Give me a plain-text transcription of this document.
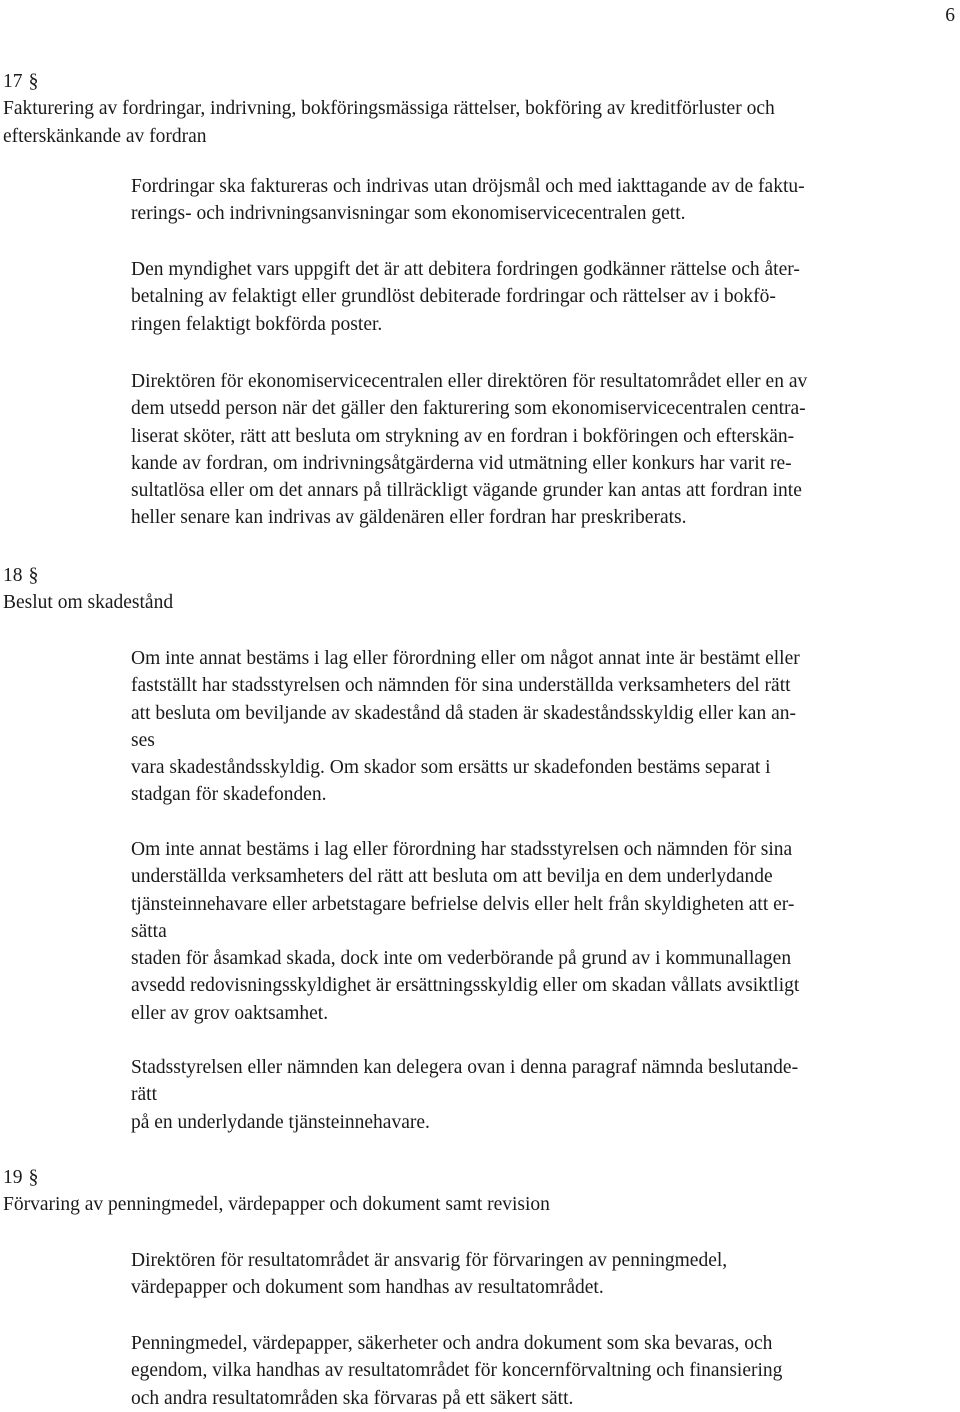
6
17 §
Fakturering av fordringar, indrivning, bokföringsmässiga rättelser, bokföring av kreditförluster och
efterskänkande av fordran
Fordringar ska faktureras och indrivas utan dröjsmål och med iakttagande av de faktu-
rerings- och indrivningsanvisningar som ekonomiservicecentralen gett.
Den myndighet vars uppgift det är att debitera fordringen godkänner rättelse och åter-
betalning av felaktigt eller grundlöst debiterade fordringar och rättelser av i bokfö-
ringen felaktigt bokförda poster.
Direktören för ekonomiservicecentralen eller direktören för resultatområdet eller en av
dem utsedd person när det gäller den fakturering som ekonomiservicecentralen centra-
liserat sköter, rätt att besluta om strykning av en fordran i bokföringen och efterskän-
kande av fordran, om indrivningsåtgärderna vid utmätning eller konkurs har varit re-
sultatlösa eller om det annars på tillräckligt vägande grunder kan antas att fordran inte
heller senare kan indrivas av gäldenären eller fordran har preskriberats.
18 §
Beslut om skadestånd
Om inte annat bestäms i lag eller förordning eller om något annat inte är bestämt eller
fastställt har stadsstyrelsen och nämnden för sina underställda verksamheters del rätt
att besluta om beviljande av skadestånd då staden är skadeståndsskyldig eller kan an-
ses
vara skadeståndsskyldig. Om skador som ersätts ur skadefonden bestäms separat i
stadgan för skadefonden.
Om inte annat bestäms i lag eller förordning har stadsstyrelsen och nämnden för sina
underställda verksamheters del rätt att besluta om att bevilja en dem underlydande
tjänsteinnehavare eller arbetstagare befrielse delvis eller helt från skyldigheten att er-
sätta
staden för åsamkad skada, dock inte om vederbörande på grund av i kommunallagen
avsedd redovisningsskyldighet är ersättningsskyldig eller om skadan vållats avsiktligt
eller av grov oaktsamhet.
Stadsstyrelsen eller nämnden kan delegera ovan i denna paragraf nämnda beslutande-
rätt
på en underlydande tjänsteinnehavare.
19 §
Förvaring av penningmedel, värdepapper och dokument samt revision
Direktören för resultatområdet är ansvarig för förvaringen av penningmedel,
värdepapper och dokument som handhas av resultatområdet.
Penningmedel, värdepapper, säkerheter och andra dokument som ska bevaras, och
egendom, vilka handhas av resultatområdet för koncernförvaltning och finansiering
och andra resultatområden ska förvaras på ett säkert sätt.
